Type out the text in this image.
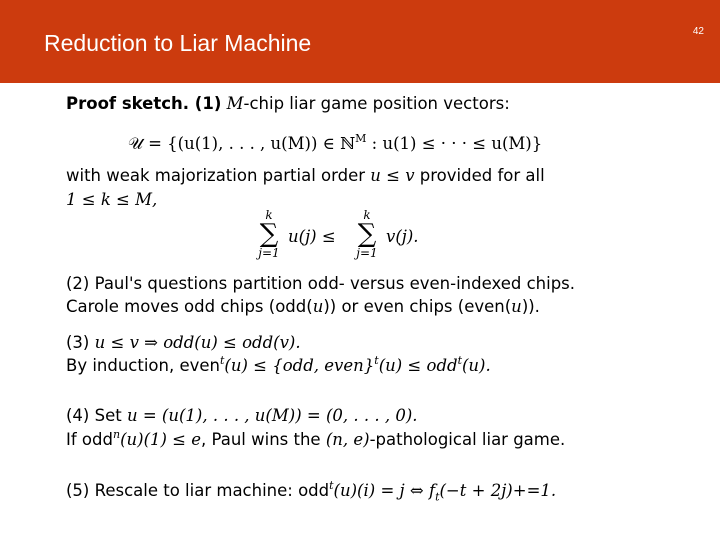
Reduction to Liar Machine	42
Proof sketch. (1) M-chip liar game position vectors:
𝒰 = {(u(1), . . . , u(M)) ∈ ℕ$^M$ : u(1) ≤ · · · ≤ u(M)}
with weak majorization partial order u ≤ v provided for all
1 ≤ k ≤ M,
k
∑
j=1
u(j) ≤
k
∑
j=1
v(j).
(2) Paul's questions partition odd- versus even-indexed chips.
Carole moves odd chips (odd(u)) or even chips (even(u)).
(3) u ≤ v ⇒ odd(u) ≤ odd(v).
By induction, even$^t$(u) ≤ {odd, even}$^t$(u) ≤ odd$^t$(u).
(4) Set u = (u(1), . . . , u(M)) = (0, . . . , 0).
If odd$^n$(u)(1) ≤ e, Paul wins the (n, e)-pathological liar game.
(5) Rescale to liar machine: odd$^t$(u)(i) = j ⇔ $f_t(-t + 2j)+=1$.
